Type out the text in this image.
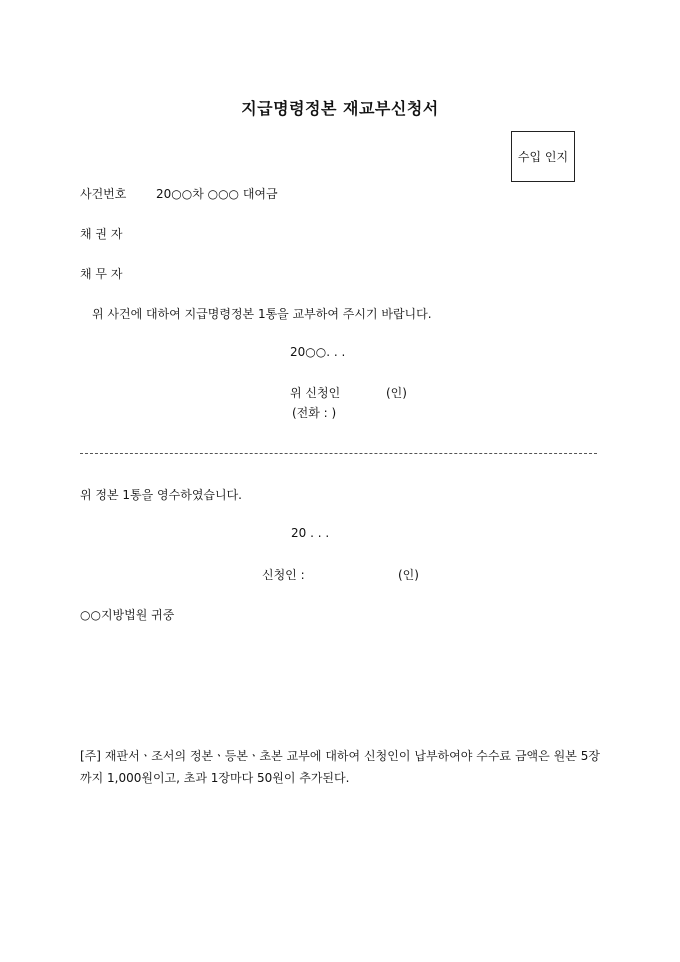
지급명령정본 재교부신청서
수입 인지
사건번호 20○○차 ○○○ 대여금
채 권 자
채 무 자
위 사건에 대하여 지급명령정본 1통을 교부하여 주시기 바랍니다.
20○○. . .
위 신청인	(인)
(전화 : )
위 정본 1통을 영수하였습니다.
20 . . .
신청인 :	(인)
○○지방법원 귀중
[주] 재판서ㆍ조서의 정본ㆍ등본ㆍ초본 교부에 대하여 신청인이 납부하여야 수수료 금액은 원본 5장까지 1,000원이고, 초과 1장마다 50원이 추가된다.
